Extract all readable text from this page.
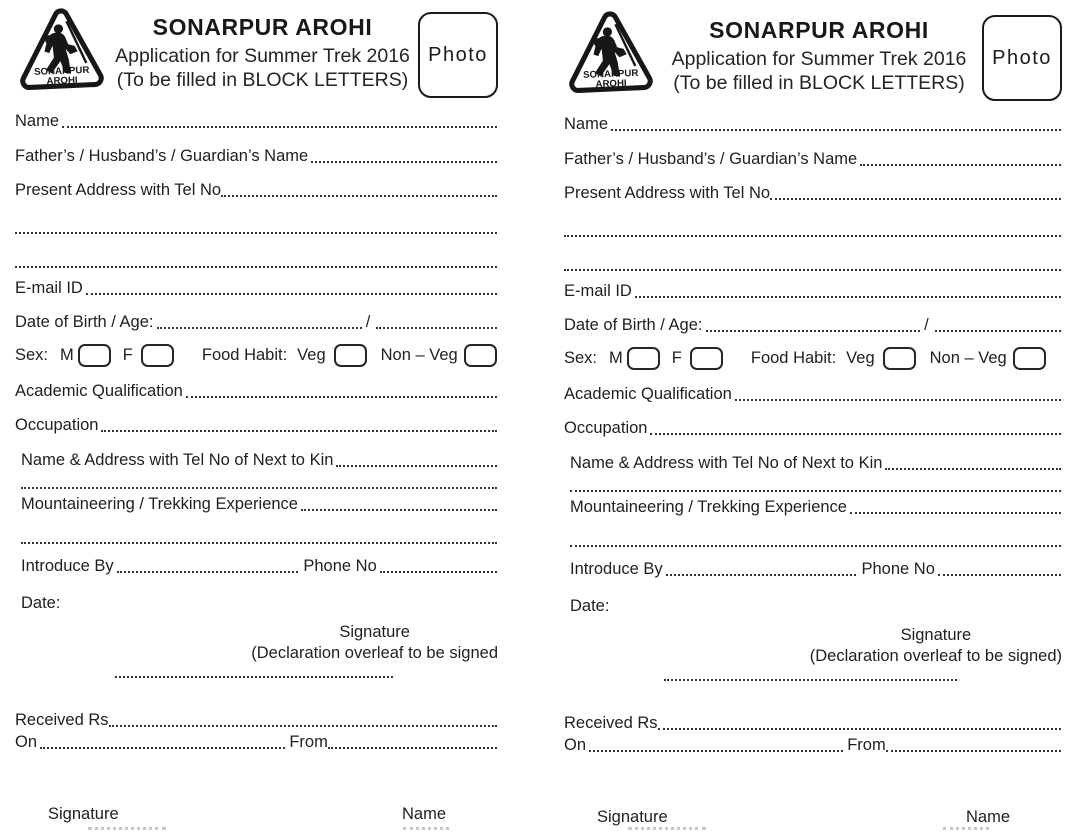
SONARPUR
AROHI
SONARPUR AROHI
Application for Summer Trek 2016
(To be filled in BLOCK LETTERS)
Photo
Name
Father’s / Husband’s / Guardian’s Name
Present Address with Tel No
E-mail ID
Date of Birth / Age:	/
Sex: M	F	Food Habit: Veg	Non – Veg
Academic Qualification
Occupation
Name & Address with Tel No of Next to Kin
Mountaineering / Trekking Experience
Introduce By	Phone No
Date:
Signature
(Declaration overleaf to be signed
Received Rs
On	From
Signature	Name
SONARPUR
AROHI
SONARPUR AROHI
Application for Summer Trek 2016
(To be filled in BLOCK LETTERS)
Photo
Name
Father’s / Husband’s / Guardian’s Name
Present Address with Tel No
E-mail ID
Date of Birth / Age:	/
Sex: M	F	Food Habit: Veg	Non – Veg
Academic Qualification
Occupation
Name & Address with Tel No of Next to Kin
Mountaineering / Trekking Experience
Introduce By	Phone No
Date:
Signature
(Declaration overleaf to be signed)
Received Rs
On	From
Signature	Name
